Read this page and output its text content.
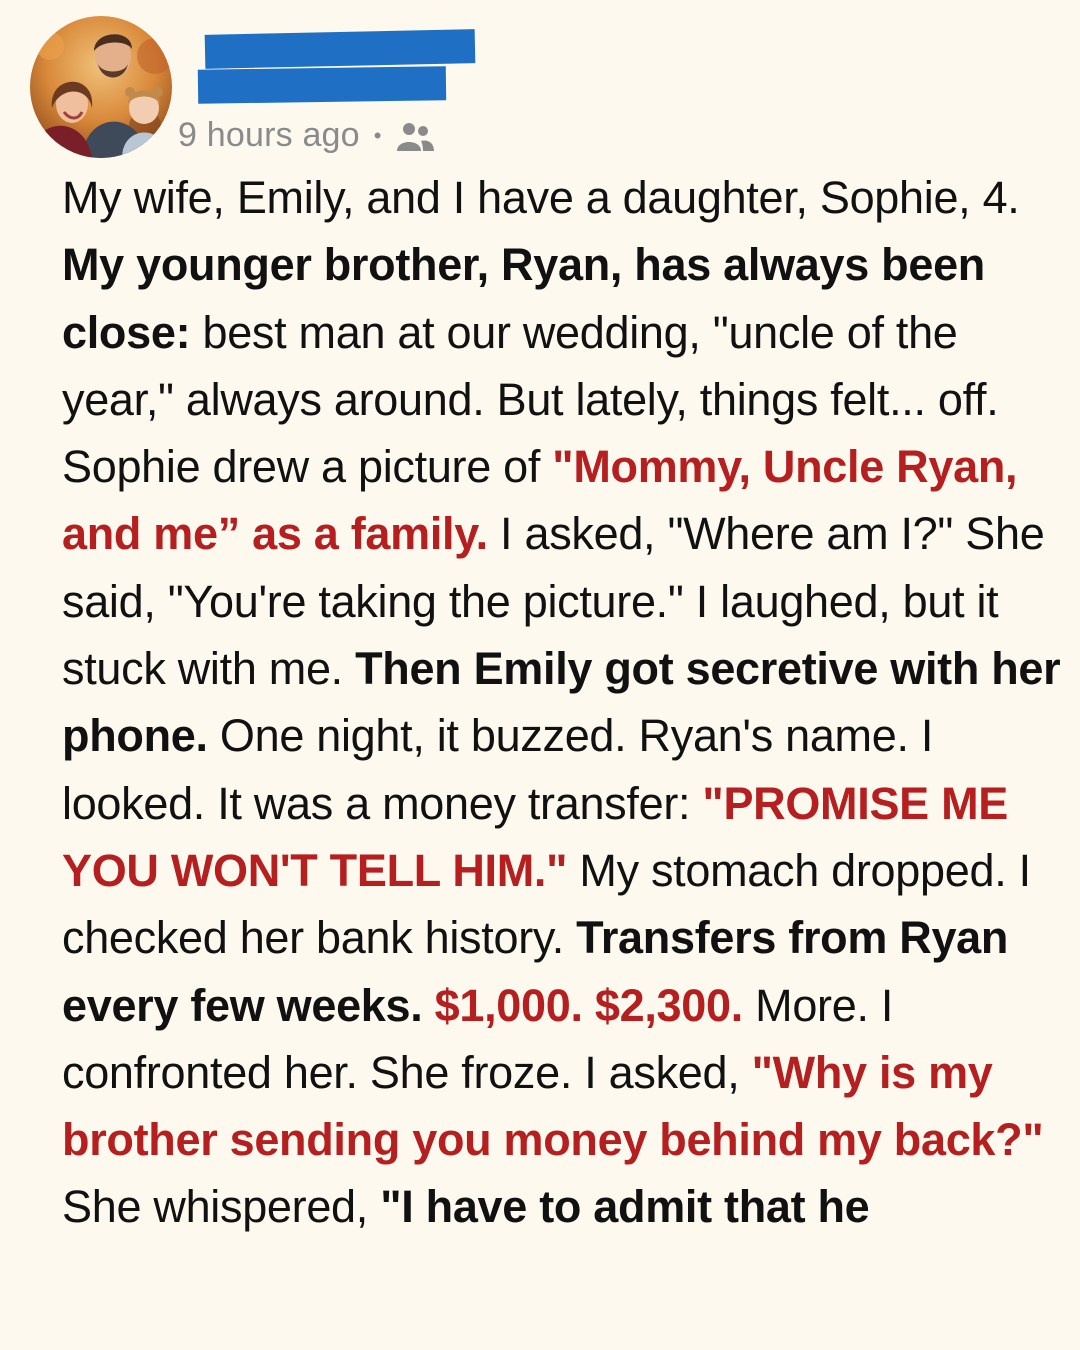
9 hours ago •

My wife, Emily, and I have a daughter, Sophie, 4. My younger brother, Ryan, has always been close: best man at our wedding, "uncle of the year," always around. But lately, things felt... off. Sophie drew a picture of "Mommy, Uncle Ryan, and me” as a family. I asked, "Where am I?" She said, "You're taking the picture." I laughed, but it stuck with me. Then Emily got secretive with her phone. One night, it buzzed. Ryan's name. I looked. It was a money transfer: "PROMISE ME YOU WON'T TELL HIM." My stomach dropped. I checked her bank history. Transfers from Ryan every few weeks. $1,000. $2,300. More. I confronted her. She froze. I asked, "Why is my brother sending you money behind my back?" She whispered, "I have to admit that he
